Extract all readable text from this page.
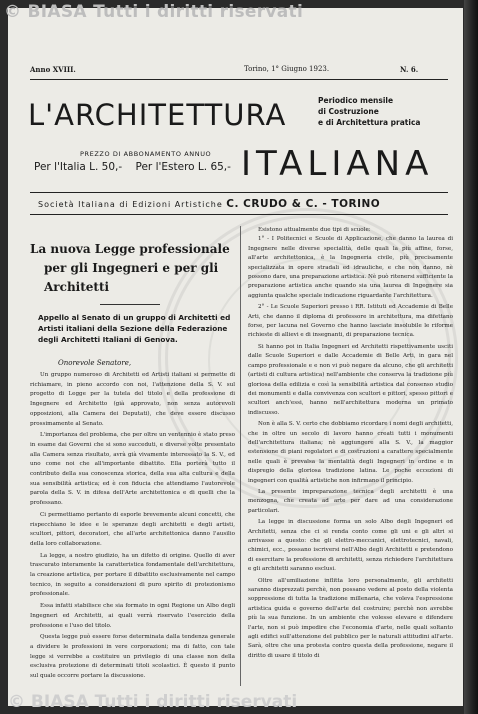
Anno XVIII.	Torino, 1° Giugno 1923.	N. 6.
L'ARCHITETTURA	Periodico mensile
di Costruzione
e di Architettura pratica
PREZZO DI ABBONAMENTO ANNUO
Per l'Italia L. 50,- Per l'Estero L. 65,- ITALIANA
Società Italiana di Edizioni Artistiche C. CRUDO & C. - TORINO
La nuova Legge professionale
per gli Ingegneri e per gli Architetti

Appello al Senato di un gruppo di Architetti ed Artisti italiani della Sezione della Federazione degli Architetti Italiani di Genova.

Onorevole Senatore,

Un gruppo numeroso di Architetti ed Artisti italiani si permette di richiamare, in pieno accordo con noi, l'attenzione della S. V. sul progetto di Legge per la tutela del titolo e della professione di Ingegnere ed Architetto (già approvato, non senza autorevoli opposizioni, alla Camera dei Deputati), che deve essere discusso prossimamente al Senato.

L'importanza del problema, che per oltre un ventennio è stato preso in esame dai Governi che si sono succeduti, e diverse volte presentato alla Camera senza risultato, avrà già vivamente interessato la S. V., ed uno come noi che all'importante dibattito. Ella porterà tutto il contributo della sua conoscenza storica, della sua alta cultura e della sua sensibilità artistica; ed è con fiducia che attendiamo l'autorevole parola della S. V. in difesa dell'Arte architettonica e di quelli che la professano.

Ci permettiamo pertanto di esporle brevemente alcuni concetti, che rispecchiano le idee e le speranze degli architetti e degli artisti, scultori, pittori, decoratori, che all'arte architettonica danno l'ausilio della loro collaborazione.

La legge, a nostro giudizio, ha un difetto di origine. Quello di aver trascurato interamente la caratteristica fondamentale dell'architettura, la creazione artistica, per portare il dibattito esclusivamente nel campo tecnico, in seguito a considerazioni di puro spirito di protezionismo professionale.

Essa infatti stabilisce che sia formato in ogni Regione un Albo degli Ingegneri ed Architetti, ai quali verrà riservato l'esercizio della professione e l'uso del titolo.

Questa legge può essere forse determinata dalla tendenza generale a dividere le professioni in vere corporazioni; ma di fatto, con tale legge si verrebbe a costituire un privilegio di una classe non della esclusiva protezione di determinati titoli scolastici. È questo il punto sul quale occorre portare la discussione.

Esistono attualmente due tipi di scuole:

1° - I Politecnici e Scuole di Applicazione, che danno la laurea di Ingegnere nelle diverse specialità, delle quali la più affine, forse, all'arte architettonica, è la Ingegneria civile, più precisamente specializzata in opere stradali ed idrauliche, e che non danno, nè possono dare, una preparazione artistica. Nè può ritenersi sufficiente la preparazione artistica anche quando sia una laurea di Ingegnere sia aggiunta qualche speciale indicazione riguardante l'architettura.

2° - Le Scuole Superiori presso i RR. Istituti ed Accademie di Belle Arti, che danno il diploma di professore in architettura, ma difettano forse, per lacuna nel Governo che hanno lasciate insolubile le riforme richieste di allievi e di insegnanti, di preparazione tecnica.

Si hanno poi in Italia Ingegneri ed Architetti rispettivamente usciti dalle Scuole Superiori e dalle Accademie di Belle Arti, in gara nel campo professionale e e non vi può negare da alcuno, che gli architetti (artisti di cultura artistica) nell'ambiente che conserva la tradizione più gloriosa della edilizia e così la sensibilità artistica dal consenso studio dei monumenti e dalla convivenza con scultori e pittori, spesso pittori e scultori anch'essi, hanno nell'architettura moderna un primato indiscusso.

Non è alla S. V. certo che dobbiamo ricordare i nomi degli architetti, che in oltre un secolo di lavoro hanno creati tutti i monumenti dell'architettura italiana; nè aggiungere alla S. V., la maggior estensione di piani regolatori e di costruzioni a carattere specialmente nelle quali è prevalsa la mentalità degli Ingegneri in ordine e in dispregio della gloriosa tradizione latina. Le poche eccezioni di ingegneri con qualità artistiche non infirmano il principio.

La presente impreparazione tecnica degli architetti è una menzogna, che creata ad arte per dare ad una considerazione particolari.

La legge in discussione forma un solo Albo degli Ingegneri ed Architetti, senza che ci si renda conto come gli uni e gli altri si arrivasse a questo: che gli elettro-meccanici, elettrotecnici, navali, chimici, ecc., possano iscriversi nell'Albo degli Architetti e pretendono di esercitare la professione di architetti, senza richiedere l'architettura e gli architetti saranno esclusi.

Oltre all'umiliazione inflitta loro personalmente, gli architetti saranno disprezzati perchè, non possano vedere al posto della violenta soppressione di tutta la tradizione millenaria, che voleva l'espressione artistica guida e governo dell'arte del costruire; perchè non avrebbe più la sua funzione. In un ambiente che volesse elevare e difendere l'arte, non si può impedire che l'economia d'arte, nelle quali soltanto agli edifici sull'attenzione del pubblico per le naturali attitudini all'arte. Sarà, oltre che una protesta contro questa della professione, negare il diritto di usare il titolo di

© BIASA Tutti i diritti riservati
© BIASA Tutti i diritti riservati
